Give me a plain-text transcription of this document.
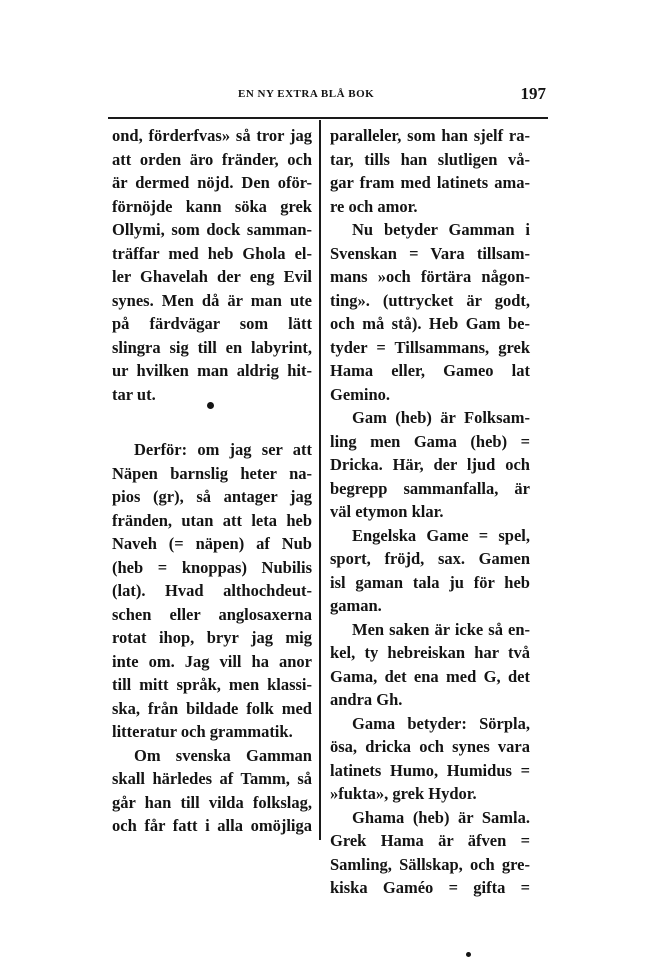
EN NY EXTRA BLÅ BOK	197

ond, förderfvas» så tror jag

att orden äro fränder, och

är dermed nöjd. Den oför-

förnöjde kann söka grek

Ollymi, som dock samman-

träffar med heb Ghola el-

ler Ghavelah der eng Evil

synes. Men då är man ute

på färdvägar som lätt

slingra sig till en labyrint,

ur hvilken man aldrig hit-

tar ut.

Derför: om jag ser att

Näpen barnslig heter na-

pios (gr), så antager jag

fränden, utan att leta heb

Naveh (= näpen) af Nub

(heb = knoppas) Nubilis

(lat). Hvad althochdeut-

schen eller anglosaxerna

rotat ihop, bryr jag mig

inte om. Jag vill ha anor

till mitt språk, men klassi-

ska, från bildade folk med

litteratur och grammatik.

Om svenska Gamman

skall härledes af Tamm, så

går han till vilda folkslag,

och får fatt i alla omöjliga

paralleler, som han sjelf ra-

tar, tills han slutligen vå-

gar fram med latinets ama-

re och amor.

Nu betyder Gamman i

Svenskan = Vara tillsam-

mans »och förtära någon-

ting». (uttrycket är godt,

och må stå). Heb Gam be-

tyder = Tillsammans, grek

Hama eller, Gameo lat

Gemino.

Gam (heb) är Folksam-

ling men Gama (heb) =

Dricka. Här, der ljud och

begrepp sammanfalla, är

väl etymon klar.

Engelska Game = spel,

sport, fröjd, sax. Gamen

isl gaman tala ju för heb

gaman.

Men saken är icke så en-

kel, ty hebreiskan har två

Gama, det ena med G, det

andra Gh.

Gama betyder: Sörpla,

ösa, dricka och synes vara

latinets Humo, Humidus =

»fukta», grek Hydor.

Ghama (heb) är Samla.

Grek Hama är äfven =

Samling, Sällskap, och gre-

kiska Gaméo = gifta =
